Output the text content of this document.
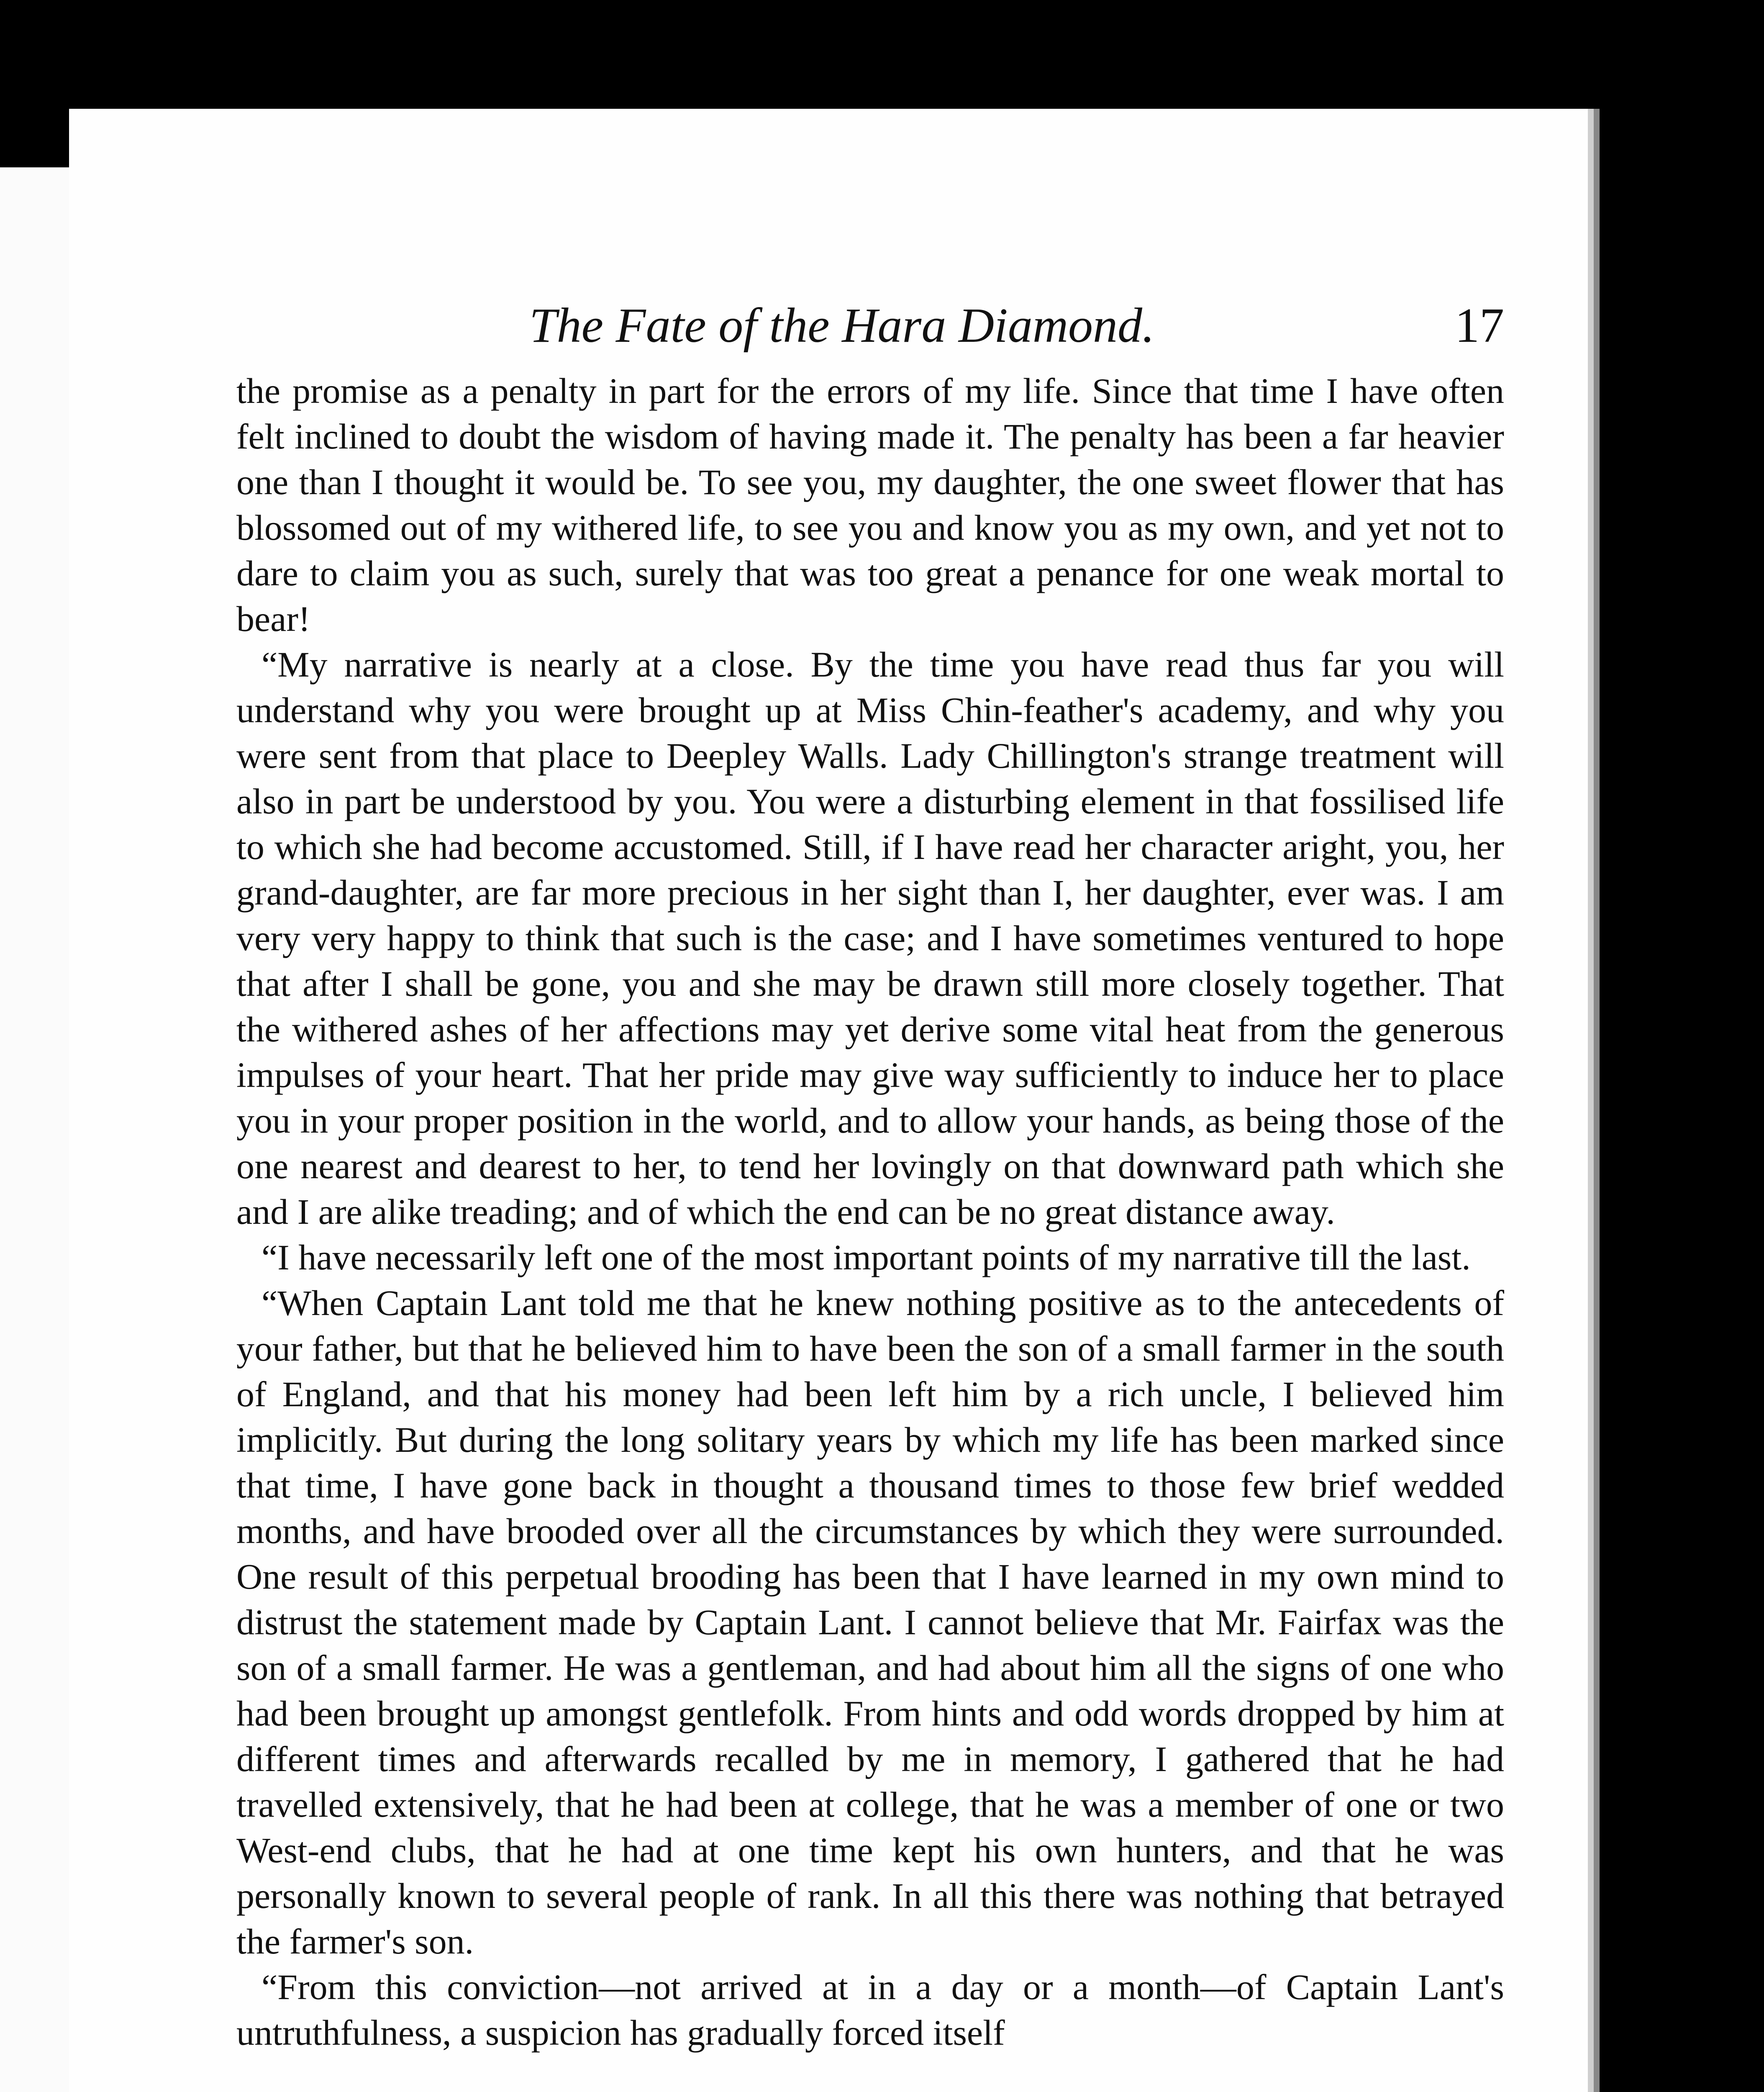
The Fate of the Hara Diamond.	17

the promise as a penalty in part for the errors of my life. Since that time I have often felt inclined to doubt the wisdom of having made it. The penalty has been a far heavier one than I thought it would be. To see you, my daughter, the one sweet flower that has blossomed out of my withered life, to see you and know you as my own, and yet not to dare to claim you as such, surely that was too great a penance for one weak mortal to bear!

“My narrative is nearly at a close. By the time you have read thus far you will understand why you were brought up at Miss Chin-feather's academy, and why you were sent from that place to Deepley Walls. Lady Chillington's strange treatment will also in part be understood by you. You were a disturbing element in that fossilised life to which she had become accustomed. Still, if I have read her character aright, you, her grand-daughter, are far more precious in her sight than I, her daughter, ever was. I am very very happy to think that such is the case; and I have sometimes ventured to hope that after I shall be gone, you and she may be drawn still more closely together. That the withered ashes of her affections may yet derive some vital heat from the generous impulses of your heart. That her pride may give way sufficiently to induce her to place you in your proper position in the world, and to allow your hands, as being those of the one nearest and dearest to her, to tend her lovingly on that downward path which she and I are alike treading; and of which the end can be no great distance away.

“I have necessarily left one of the most important points of my narrative till the last.

“When Captain Lant told me that he knew nothing positive as to the antecedents of your father, but that he believed him to have been the son of a small farmer in the south of England, and that his money had been left him by a rich uncle, I believed him implicitly. But during the long solitary years by which my life has been marked since that time, I have gone back in thought a thousand times to those few brief wedded months, and have brooded over all the circumstances by which they were surrounded. One result of this perpetual brooding has been that I have learned in my own mind to distrust the statement made by Captain Lant. I cannot believe that Mr. Fairfax was the son of a small farmer. He was a gentleman, and had about him all the signs of one who had been brought up amongst gentlefolk. From hints and odd words dropped by him at different times and afterwards recalled by me in memory, I gathered that he had travelled extensively, that he had been at college, that he was a member of one or two West-end clubs, that he had at one time kept his own hunters, and that he was personally known to several people of rank. In all this there was nothing that betrayed the farmer's son.

“From this conviction—not arrived at in a day or a month—of Captain Lant's untruthfulness, a suspicion has gradually forced itself
